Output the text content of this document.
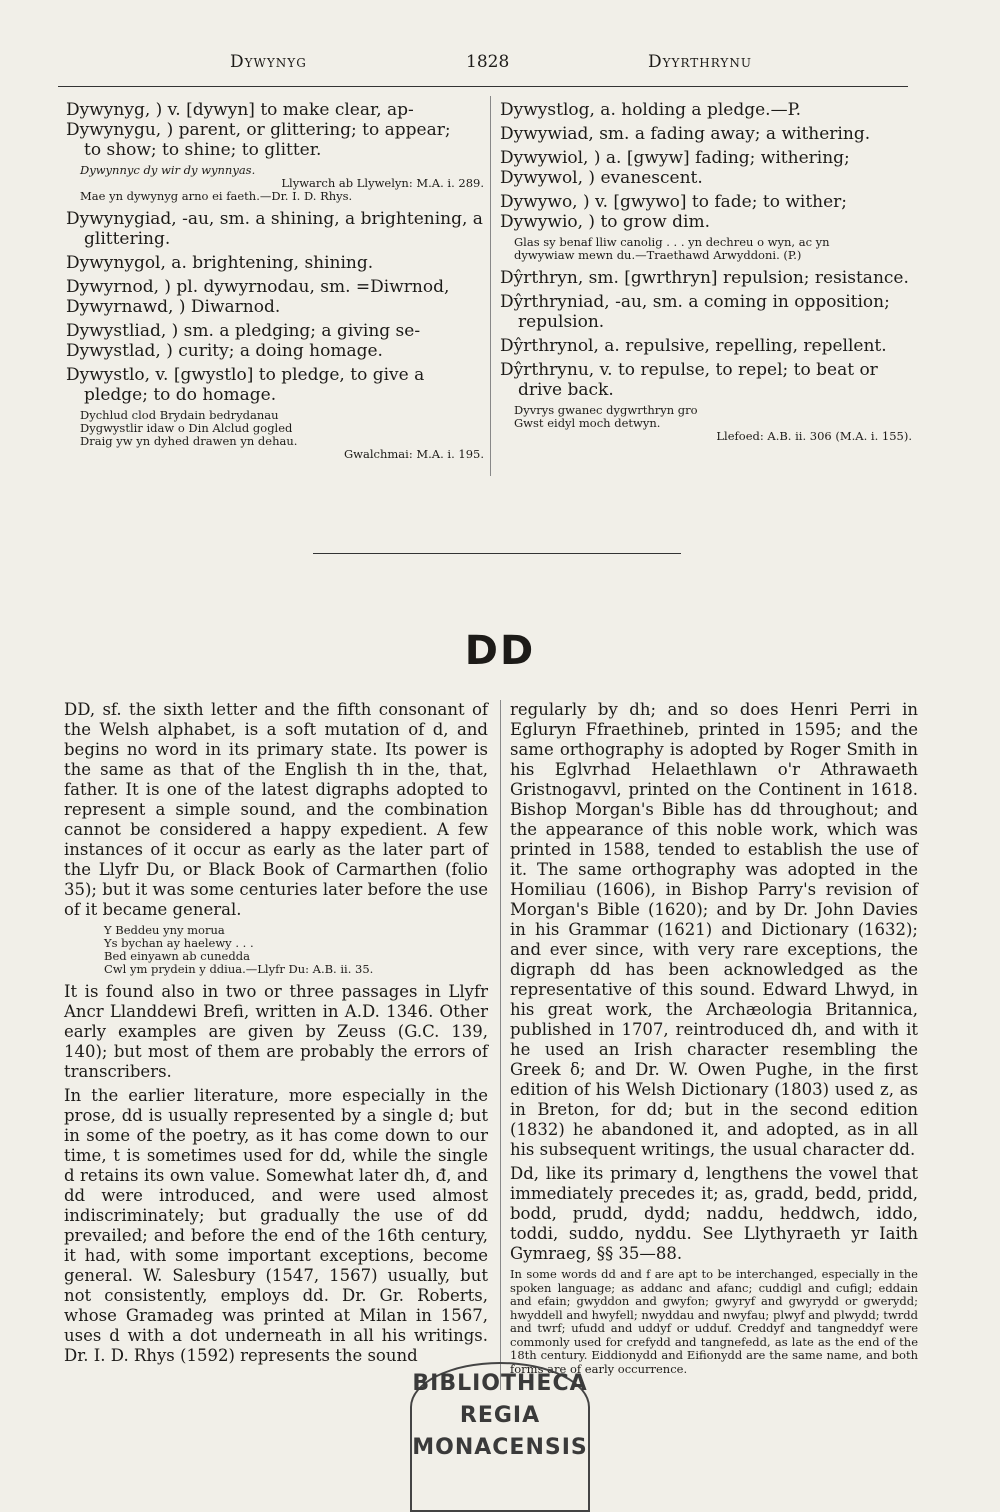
Dywynyg	1828	Dyyrthrynu

Dywynyg, ) v. [dywyn] to make clear, ap-
Dywynygu, ) parent, or glittering; to appear;
to show; to shine; to glitter.

Dywynnyc dy wir dy wynnyas.
Llywarch ab Llywelyn: M.A. i. 289.
Mae yn dywynyg arno ei faeth.—Dr. I. D. Rhys.

Dywynygiad, -au, sm. a shining, a brightening, a glittering.

Dywynygol, a. brightening, shining.

Dywyrnod, ) pl. dywyrnodau, sm. =Diwrnod,
Dywyrnawd, ) Diwarnod.

Dywystliad, ) sm. a pledging; a giving se-
Dywystlad, ) curity; a doing homage.

Dywystlo, v. [gwystlo] to pledge, to give a pledge; to do homage.

Dychlud clod Brydain bedrydanau
Dygwystlir idaw o Din Alclud gogled
Draig yw yn dyhed drawen yn dehau.
Gwalchmai: M.A. i. 195.

Dywystlog, a. holding a pledge.—P.

Dywywiad, sm. a fading away; a withering.

Dywywiol, ) a. [gwyw] fading; withering;
Dywywol, ) evanescent.

Dywywo, ) v. [gwywo] to fade; to wither;
Dywywio, ) to grow dim.

Glas sy benaf lliw canolig . . . yn dechreu o wyn, ac yn
dywywiaw mewn du.—Traethawd Arwyddoni. (P.)

Dŷrthryn, sm. [gwrthryn] repulsion; resistance.

Dŷrthryniad, -au, sm. a coming in opposition; repulsion.

Dŷrthrynol, a. repulsive, repelling, repellent.

Dŷrthrynu, v. to repulse, to repel; to beat or drive back.

Dyvrys gwanec dygwrthryn gro
Gwst eidyl moch detwyn.
Llefoed: A.B. ii. 306 (M.A. i. 155).
DD

DD, sf. the sixth letter and the fifth consonant of the Welsh alphabet, is a soft mutation of d, and begins no word in its primary state. Its power is the same as that of the English th in the, that, father. It is one of the latest digraphs adopted to represent a simple sound, and the combination cannot be considered a happy expedient. A few instances of it occur as early as the later part of the Llyfr Du, or Black Book of Carmarthen (folio 35); but it was some centuries later before the use of it became general.

Y Beddeu yny morua
Ys bychan ay haelewy . . .
Bed einyawn ab cunedda
Cwl ym prydein y ddiua.—Llyfr Du: A.B. ii. 35.

It is found also in two or three passages in Llyfr Ancr Llanddewi Brefi, written in A.D. 1346. Other early examples are given by Zeuss (G.C. 139, 140); but most of them are probably the errors of transcribers.

In the earlier literature, more especially in the prose, dd is usually represented by a single d; but in some of the poetry, as it has come down to our time, t is sometimes used for dd, while the single d retains its own value. Somewhat later dh, đ, and dd were introduced, and were used almost indiscriminately; but gradually the use of dd prevailed; and before the end of the 16th century, it had, with some important exceptions, become general. W. Salesbury (1547, 1567) usually, but not consistently, employs dd. Dr. Gr. Roberts, whose Gramadeg was printed at Milan in 1567, uses d with a dot underneath in all his writings. Dr. I. D. Rhys (1592) represents the sound

regularly by dh; and so does Henri Perri in Egluryn Ffraethineb, printed in 1595; and the same orthography is adopted by Roger Smith in his Eglvrhad Helaethlawn o'r Athrawaeth Gristnogavvl, printed on the Continent in 1618. Bishop Morgan's Bible has dd throughout; and the appearance of this noble work, which was printed in 1588, tended to establish the use of it. The same orthography was adopted in the Homiliau (1606), in Bishop Parry's revision of Morgan's Bible (1620); and by Dr. John Davies in his Grammar (1621) and Dictionary (1632); and ever since, with very rare exceptions, the digraph dd has been acknowledged as the representative of this sound. Edward Lhwyd, in his great work, the Archæologia Britannica, published in 1707, reintroduced dh, and with it he used an Irish character resembling the Greek δ; and Dr. W. Owen Pughe, in the first edition of his Welsh Dictionary (1803) used z, as in Breton, for dd; but in the second edition (1832) he abandoned it, and adopted, as in all his subsequent writings, the usual character dd.

Dd, like its primary d, lengthens the vowel that immediately precedes it; as, gradd, bedd, pridd, bodd, prudd, dydd; naddu, heddwch, iddo, toddi, suddo, nyddu. See Llythyraeth yr Iaith Gymraeg, §§ 35—88.

In some words dd and f are apt to be interchanged, especially in the spoken language; as addanc and afanc; cuddigl and cufigl; eddain and efain; gwyddon and gwyfon; gwyryf and gwyrydd or gwerydd; hwyddell and hwyfell; nwyddau and nwyfau; plwyf and plwydd; twrdd and twrf; ufudd and uddyf or udduf. Creddyf and tangneddyf were commonly used for crefydd and tangnefedd, as late as the end of the 18th century. Eiddionydd and Eifionydd are the same name, and both forms are of early occurrence.

BIBLIOTHECA
REGIA
MONACENSIS
